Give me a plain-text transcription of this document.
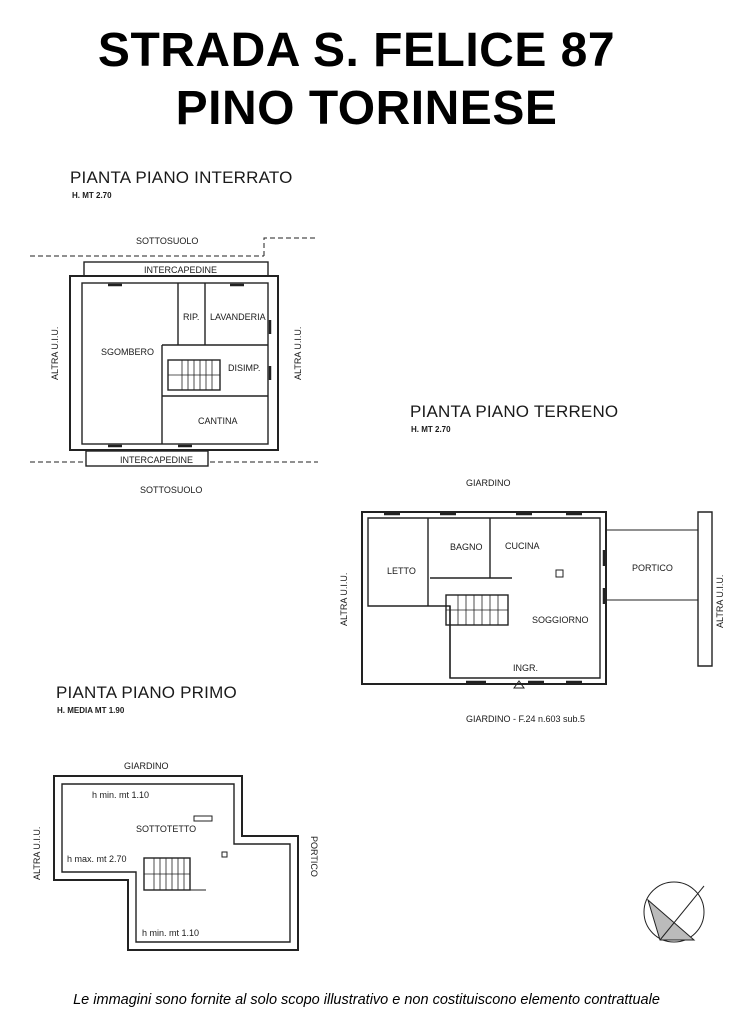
STRADA S. FELICE 87
PINO TORINESE
PIANTA PIANO INTERRATO
H. MT 2.70
SOTTOSUOLO
INTERCAPEDINE
RIP. LAVANDERIA
SGOMBERO
DISIMP.
CANTINA
INTERCAPEDINE
SOTTOSUOLO
ALTRA U.I.U.	ALTRA U.I.U.
PIANTA PIANO TERRENO
H. MT 2.70
GIARDINO
BAGNO CUCINA
LETTO	PORTICO
SOGGIORNO
INGR.
GIARDINO - F.24 n.603 sub.5
ALTRA U.I.U.	ALTRA U.I.U.
PIANTA PIANO PRIMO
H. MEDIA MT 1.90
GIARDINO
h min. mt 1.10
SOTTOTETTO
h max. mt 2.70
h min. mt 1.10
PORTICO
ALTRA U.I.U.
Le immagini sono fornite al solo scopo illustrativo e non costituiscono elemento contrattuale
